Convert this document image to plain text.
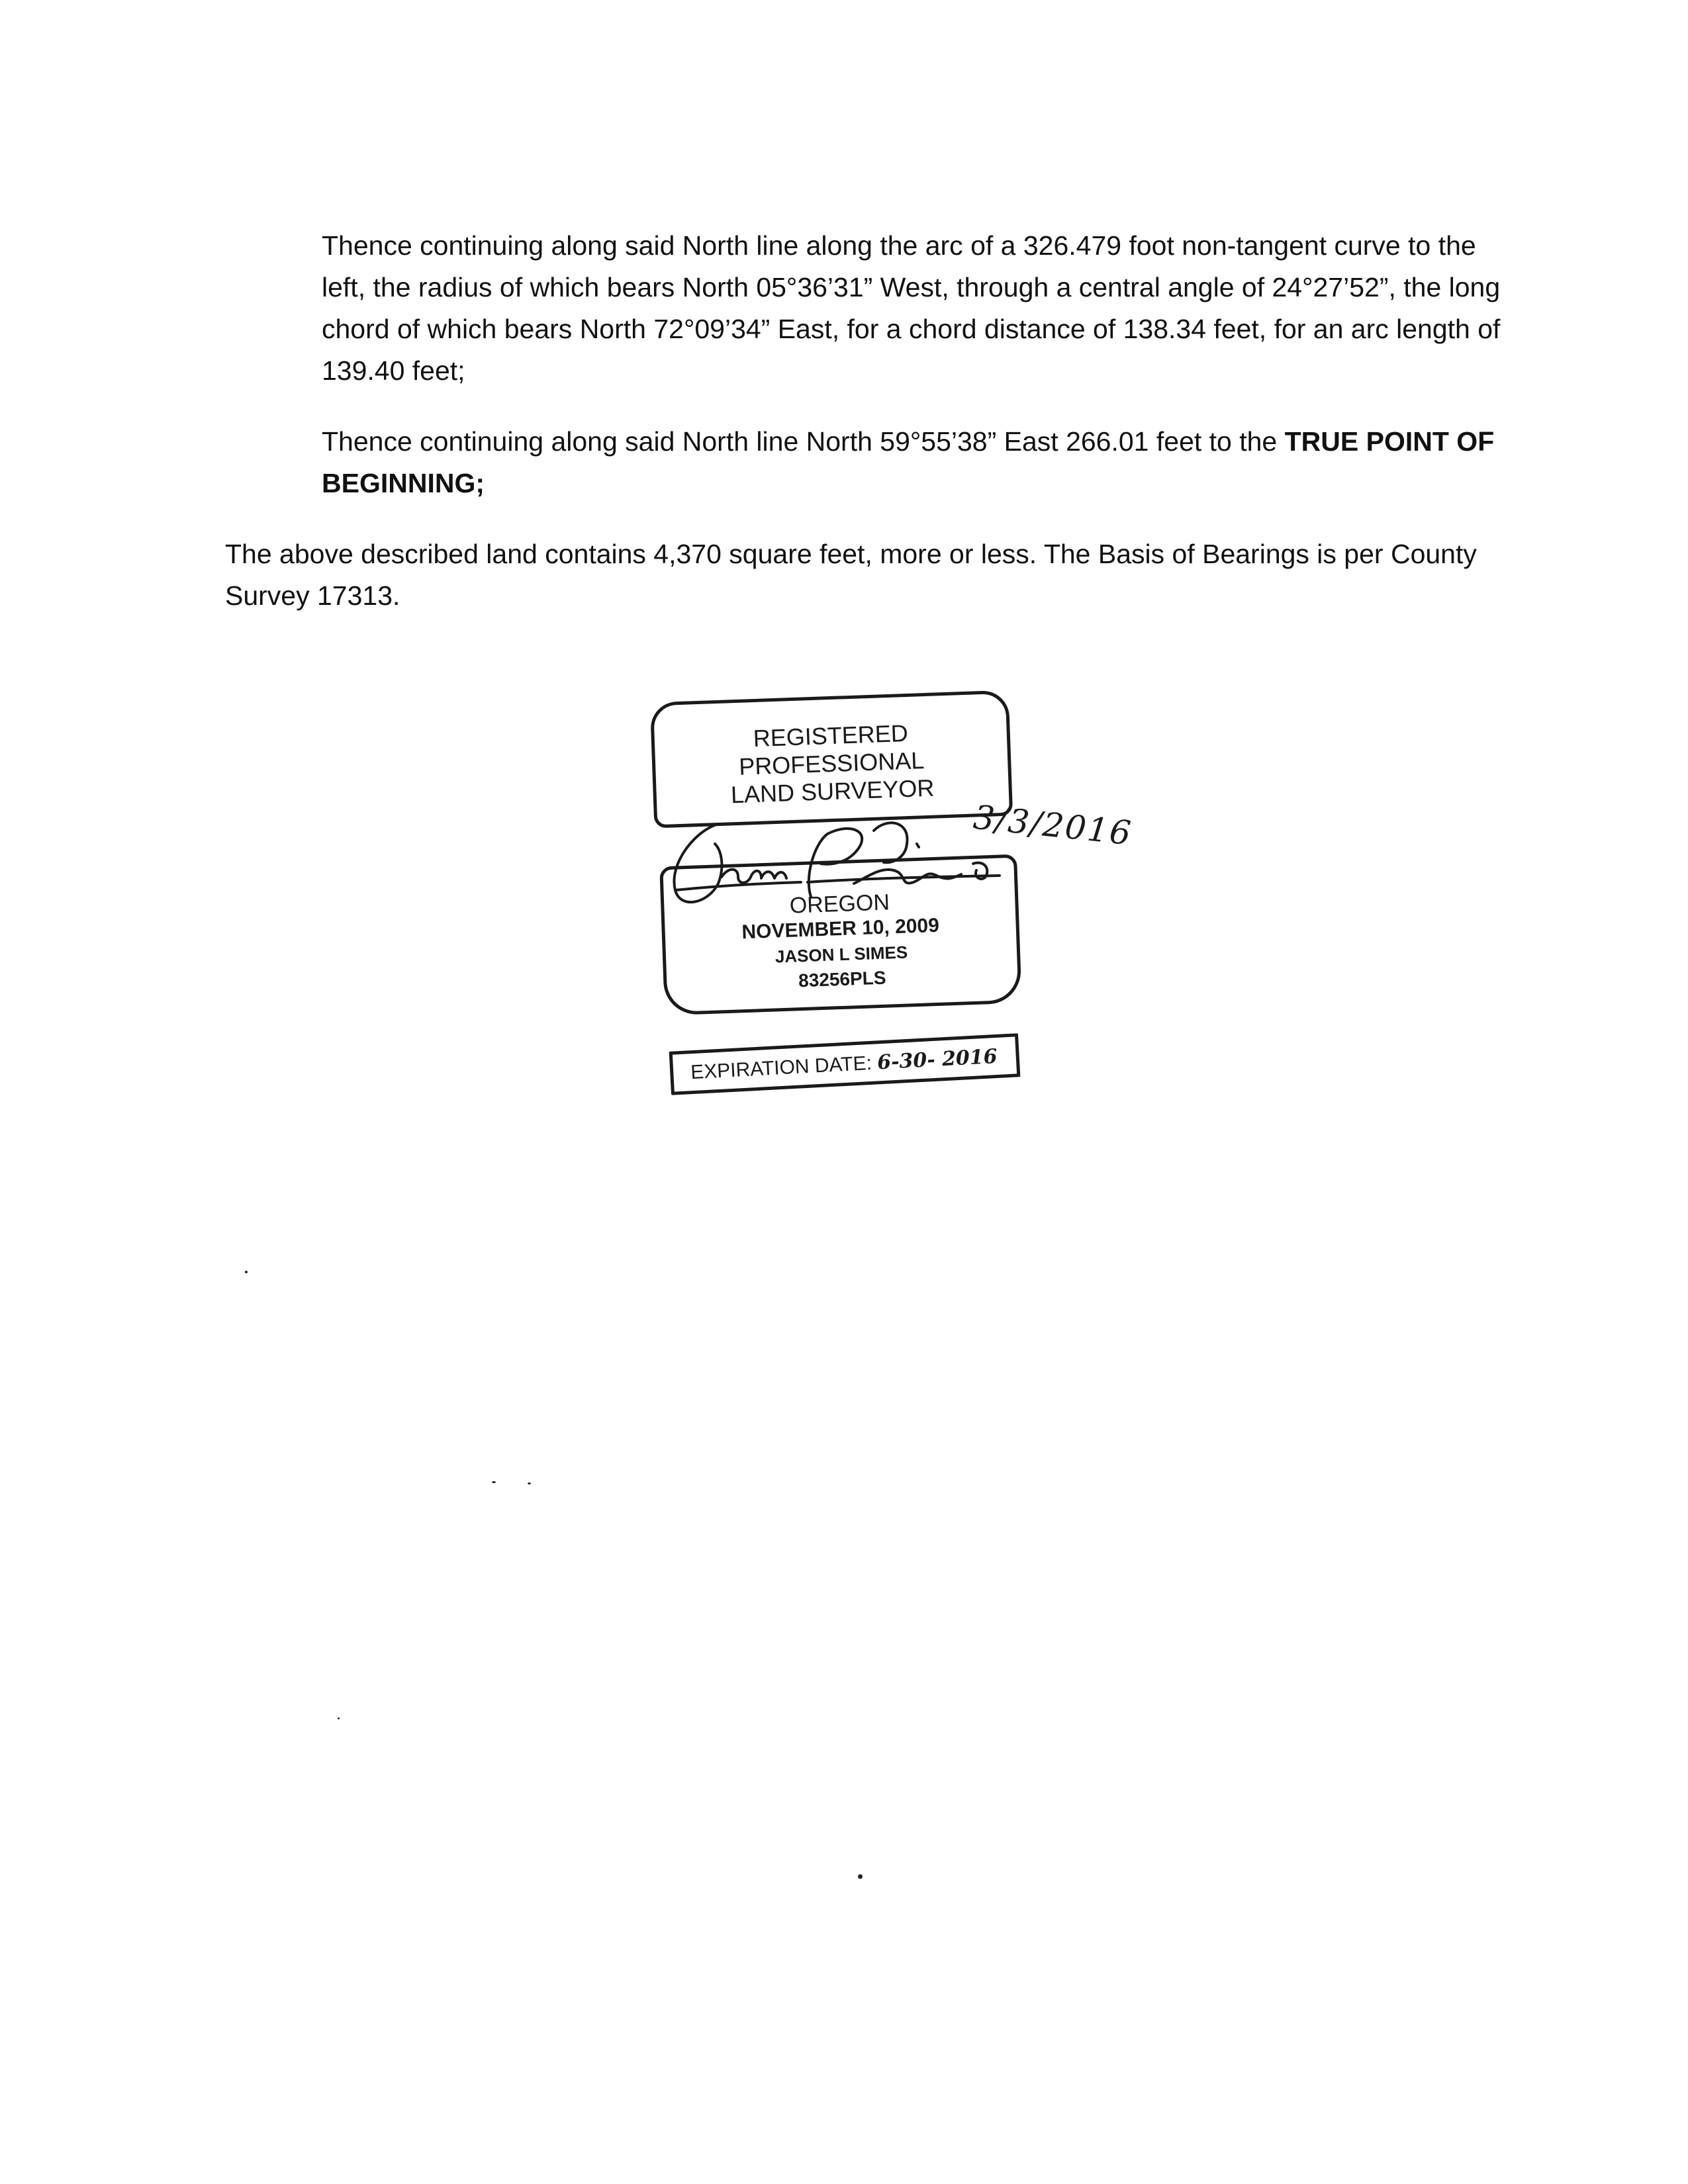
Thence continuing along said North line along the arc of a 326.479 foot non-tangent curve to the left, the radius of which bears North 05°36’31” West, through a central angle of 24°27’52”, the long chord of which bears North 72°09’34” East, for a chord distance of 138.34 feet, for an arc length of 139.40 feet;

Thence continuing along said North line North 59°55’38” East 266.01 feet to the TRUE POINT OF BEGINNING;

The above described land contains 4,370 square feet, more or less. The Basis of Bearings is per County Survey 17313.

REGISTERED
PROFESSIONAL
LAND SURVEYOR
OREGON
NOVEMBER 10, 2009
JASON L SIMES
83256PLS
3/3/2016
EXPIRATION DATE: 6-30- 2016
